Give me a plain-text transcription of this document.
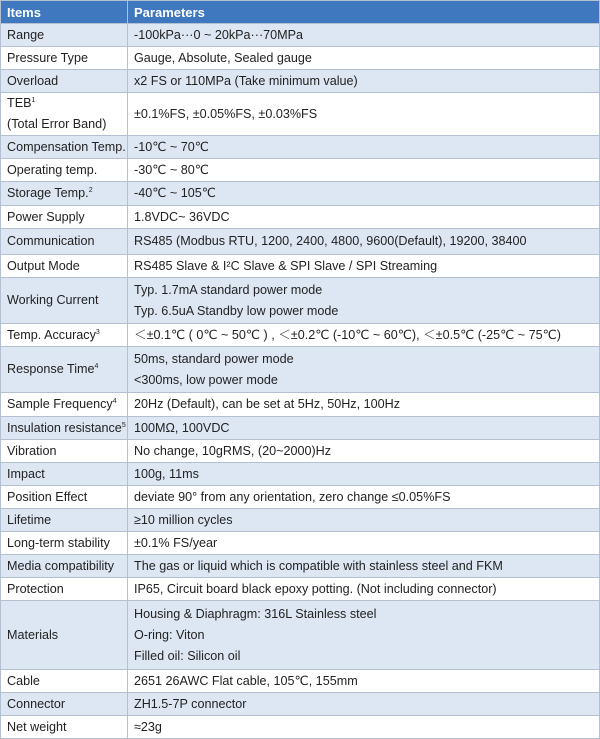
Items	Parameters
Range	-100kPa···0 ~ 20kPa···70MPa

Pressure Type	Gauge, Absolute, Sealed gauge

Overload	x2 FS or 110MPa (Take minimum value)

TEB$^1$ (Total Error Band)	±0.1%FS, ±0.05%FS, ±0.03%FS

Compensation Temp.	-10℃ ~ 70℃

Operating temp.	-30℃ ~ 80℃

Storage Temp.$^2$	-40℃ ~ 105℃

Power Supply	1.8VDC~ 36VDC

Communication	RS485 (Modbus RTU, 1200, 2400, 4800, 9600(Default), 19200, 38400

Output Mode	RS485 Slave & I²C Slave & SPI Slave / SPI Streaming

Working Current	Typ. 1.7mA standard power mode
Typ. 6.5uA Standby low power mode

Temp. Accuracy$^3$	＜±0.1℃ ( 0℃ ~ 50℃ ) , ＜±0.2℃ (-10℃ ~ 60℃), ＜±0.5℃ (-25℃ ~ 75℃)

Response Time$^4$	50ms, standard power mode
<300ms, low power mode

Sample Frequency$^4$	20Hz (Default), can be set at 5Hz, 50Hz, 100Hz

Insulation resistance$^5$	100MΩ, 100VDC

Vibration	No change, 10gRMS, (20~2000)Hz

Impact	100g, 11ms

Position Effect	deviate 90° from any orientation, zero change ≤0.05%FS

Lifetime	≥10 million cycles

Long-term stability	±0.1% FS/year

Media compatibility	The gas or liquid which is compatible with stainless steel and FKM

Protection	IP65, Circuit board black epoxy potting. (Not including connector)

Materials	Housing & Diaphragm: 316L Stainless steel
O-ring: Viton
Filled oil: Silicon oil

Cable	2651 26AWC Flat cable, 105℃, 155mm

Connector	ZH1.5-7P connector

Net weight	≈23g
